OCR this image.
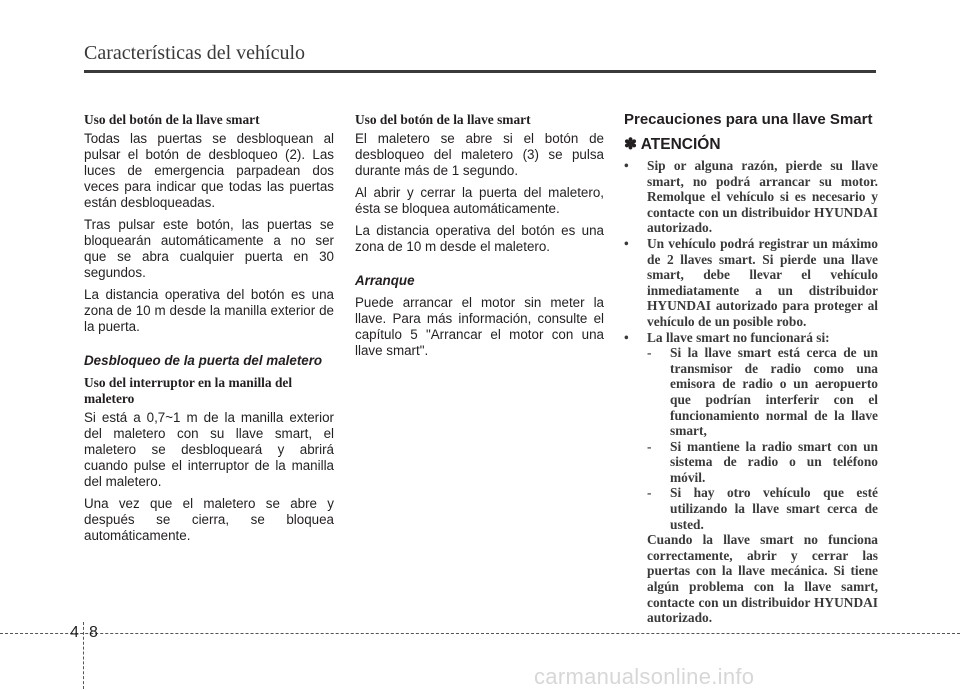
Características del vehículo
Uso del botón de la llave smart

Todas las puertas se desbloquean al pulsar el botón de desbloqueo (2). Las luces de emergencia parpadean dos veces para indicar que todas las puertas están desbloqueadas.

Tras pulsar este botón, las puertas se bloquearán automáticamente a no ser que se abra cualquier puerta en 30 segundos.

La distancia operativa del botón es una zona de 10 m desde la manilla exterior de la puerta.

Desbloqueo de la puerta del maletero
Uso del interruptor en la manilla del maletero

Si está a 0,7~1 m de la manilla exterior del maletero con su llave smart, el maletero se desbloqueará y abrirá cuando pulse el interruptor de la manilla del maletero.

Una vez que el maletero se abre y después se cierra, se bloquea automáticamente.

Uso del botón de la llave smart

El maletero se abre si el botón de desbloqueo del maletero (3) se pulsa durante más de 1 segundo.

Al abrir y cerrar la puerta del maletero, ésta se bloquea automáticamente.

La distancia operativa del botón es una zona de 10 m desde el maletero.

Arranque

Puede arrancar el motor sin meter la llave. Para más información, consulte el capítulo 5 "Arrancar el motor con una llave smart".

Precauciones para una llave Smart
✽ ATENCIÓN
• Sip or alguna razón, pierde su llave smart, no podrá arrancar su motor. Remolque el vehículo si es necesario y contacte con un distribuidor HYUNDAI autorizado.
• Un vehículo podrá registrar un máximo de 2 llaves smart. Si pierde una llave smart, debe llevar el vehículo inmediatamente a un distribuidor HYUNDAI autorizado para proteger al vehículo de un posible robo.
• La llave smart no funcionará si:
- Si la llave smart está cerca de un transmisor de radio como una emisora de radio o un aeropuerto que podrían interferir con el funcionamiento normal de la llave smart,
- Si mantiene la radio smart con un sistema de radio o un teléfono móvil.
- Si hay otro vehículo que esté utilizando la llave smart cerca de usted.
Cuando la llave smart no funciona correctamente, abrir y cerrar las puertas con la llave mecánica. Si tiene algún problema con la llave samrt, contacte con un distribuidor HYUNDAI autorizado.
4 8
carmanualsonline.info
